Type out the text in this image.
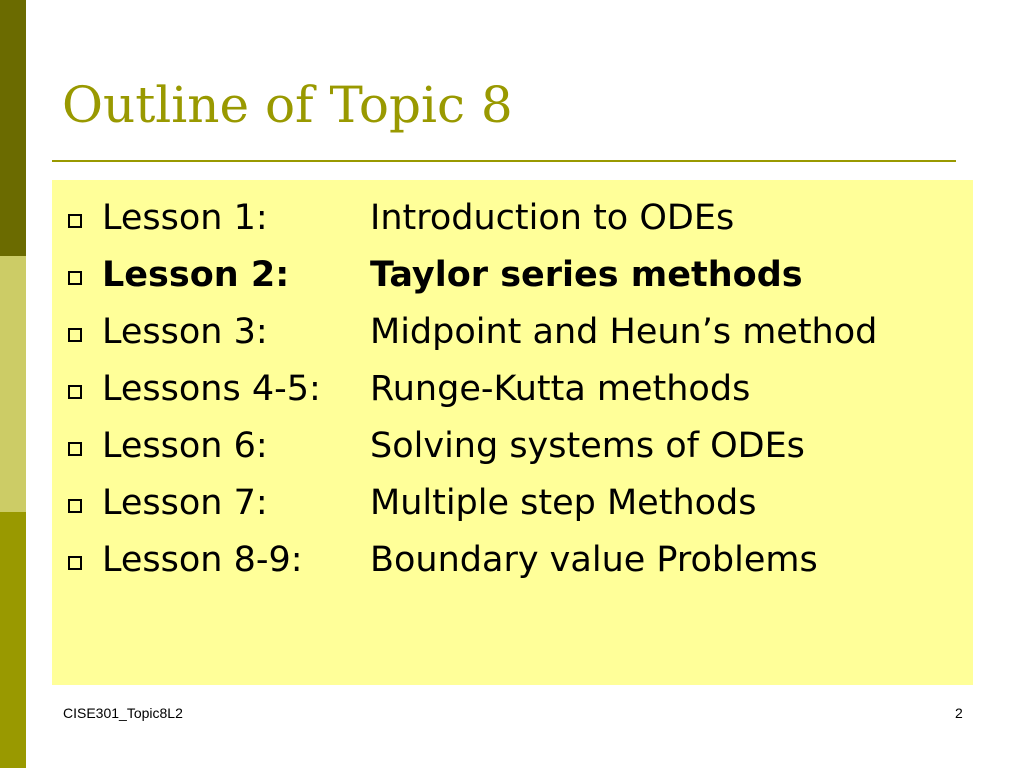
Outline of Topic 8
Lesson 1:	Introduction to ODEs
Lesson 2: Taylor series methods
Lesson 3:	Midpoint and Heun’s method
Lessons 4-5: Runge-Kutta methods
Lesson 6:	Solving systems of ODEs
Lesson 7:	Multiple step Methods
Lesson 8-9: Boundary value Problems
CISE301_Topic8L2	2
